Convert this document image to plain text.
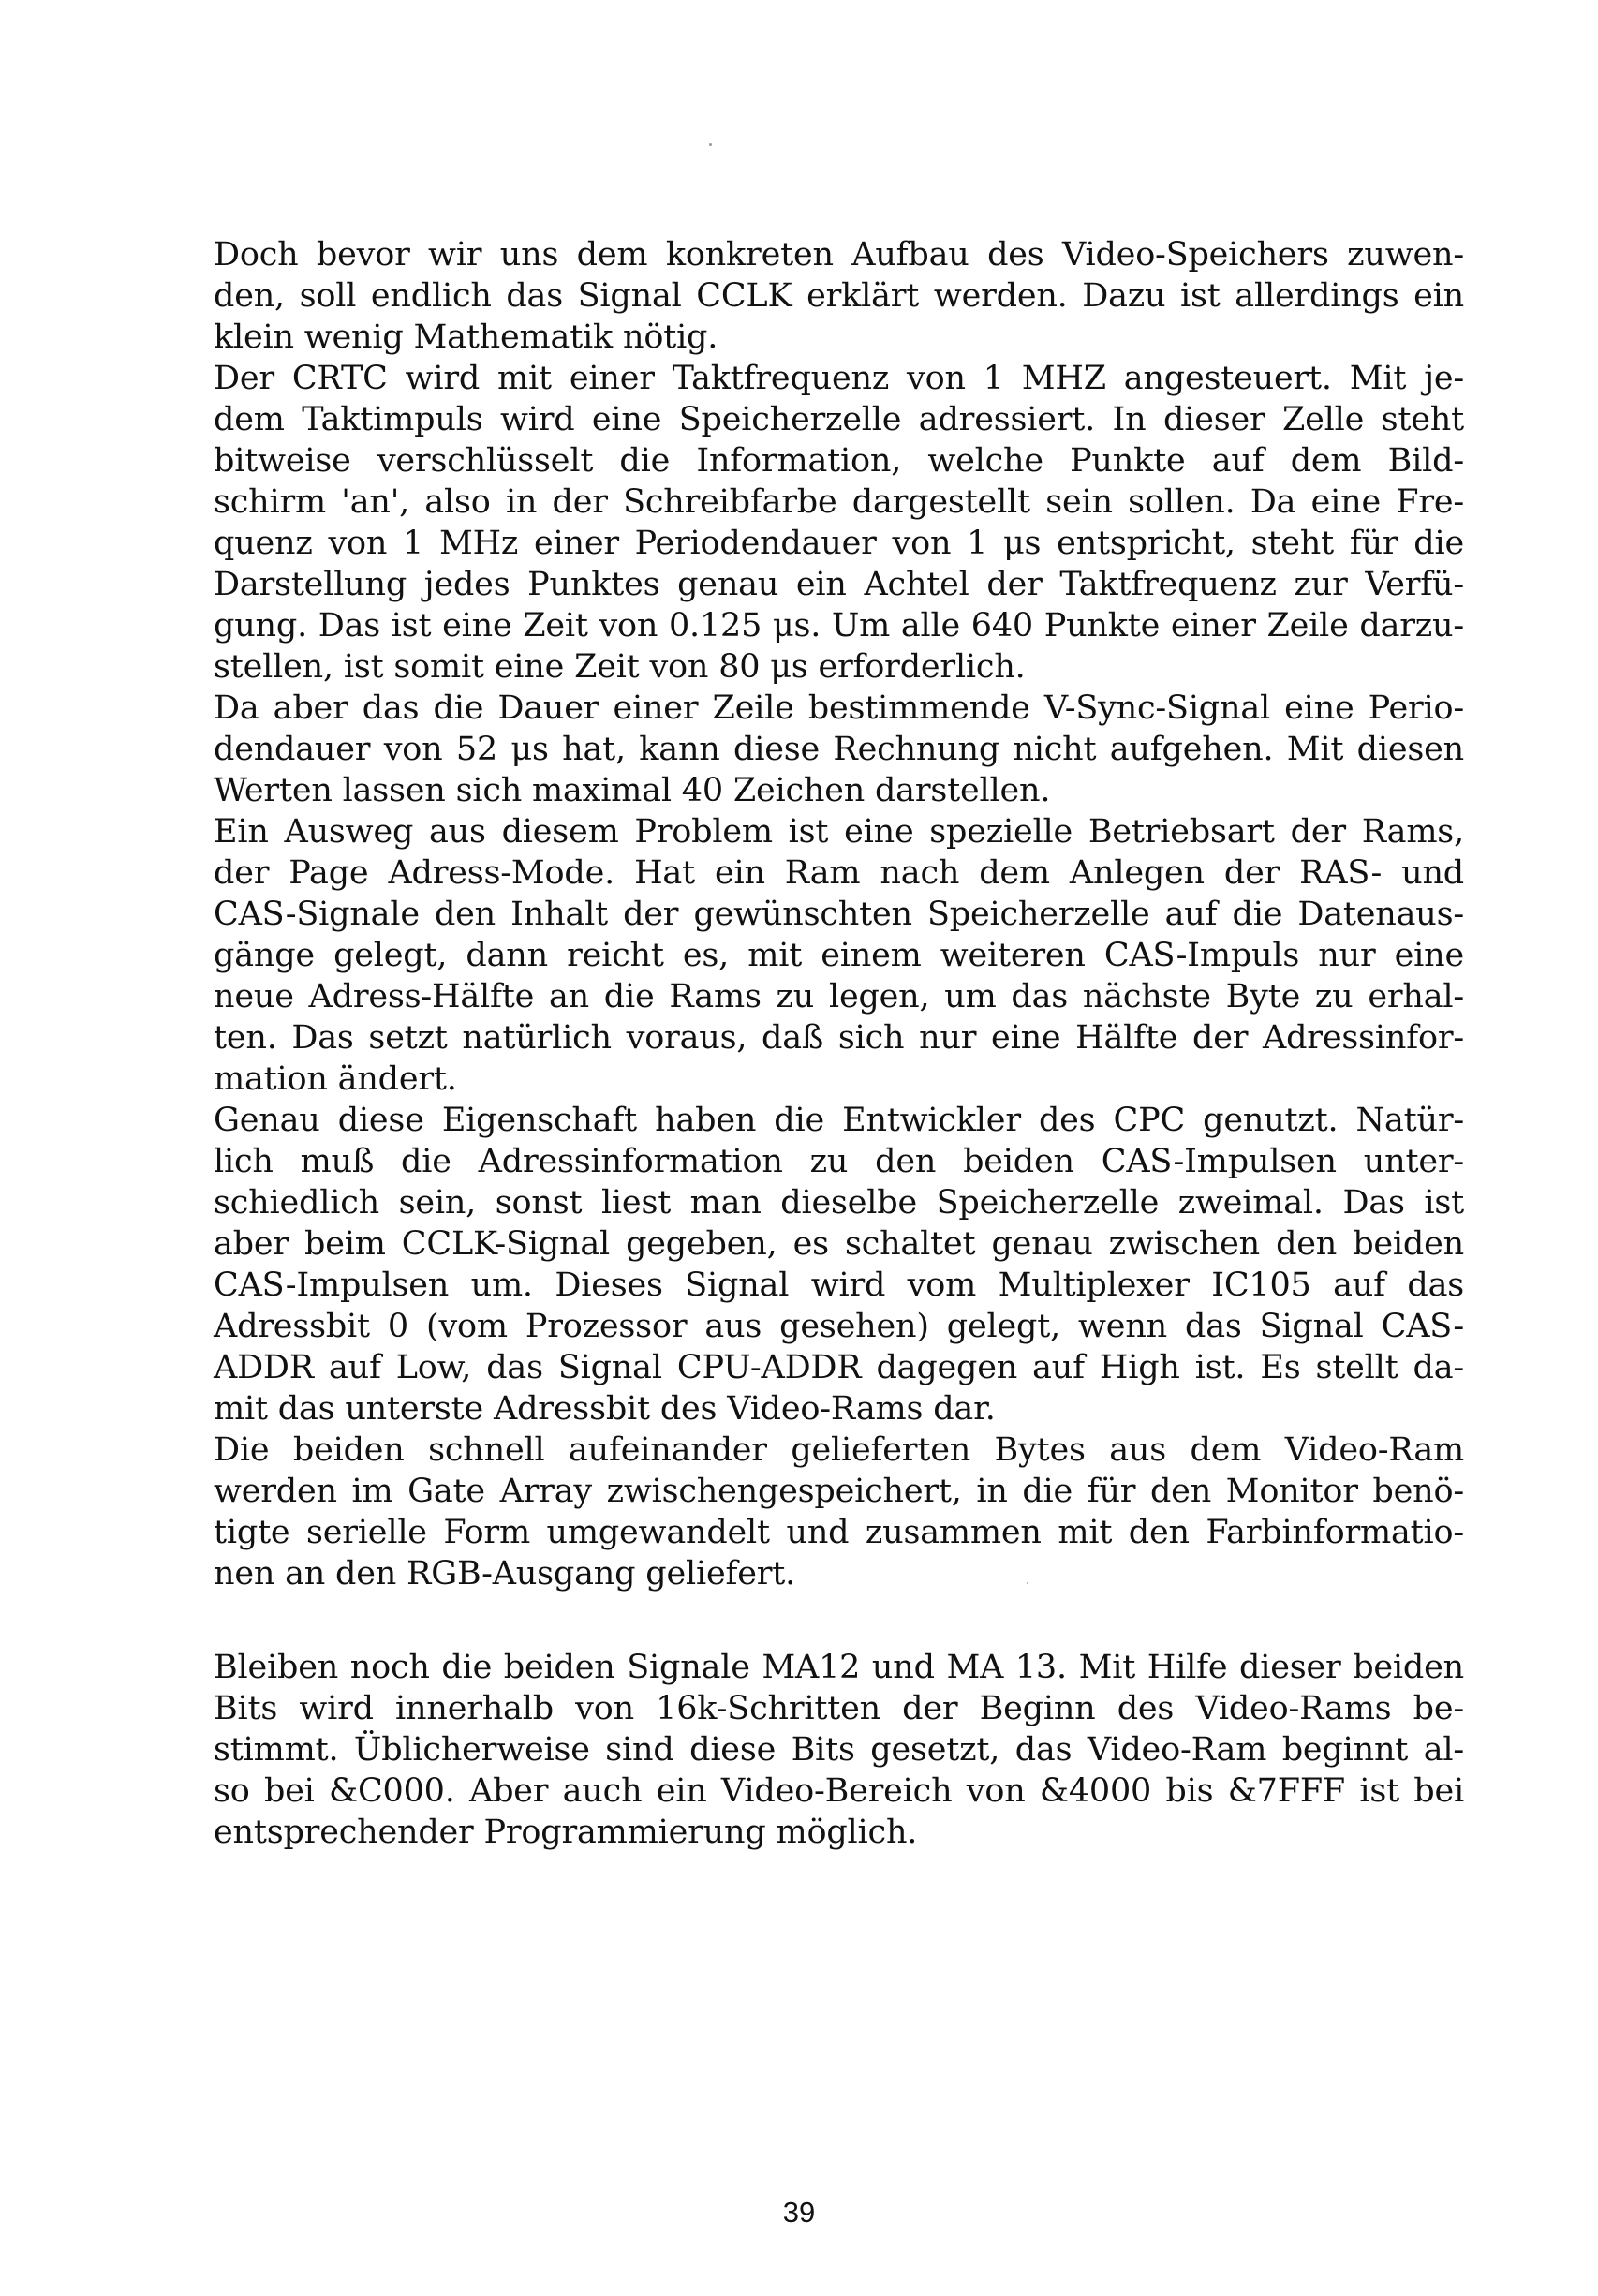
Doch bevor wir uns dem konkreten Aufbau des Video-Speichers zuwen-
den, soll endlich das Signal CCLK erklärt werden. Dazu ist allerdings ein
klein wenig Mathematik nötig.
Der CRTC wird mit einer Taktfrequenz von 1 MHZ angesteuert. Mit je-
dem Taktimpuls wird eine Speicherzelle adressiert. In dieser Zelle steht
bitweise verschlüsselt die Information, welche Punkte auf dem Bild-
schirm 'an', also in der Schreibfarbe dargestellt sein sollen. Da eine Fre-
quenz von 1 MHz einer Periodendauer von 1 μs entspricht, steht für die
Darstellung jedes Punktes genau ein Achtel der Taktfrequenz zur Verfü-
gung. Das ist eine Zeit von 0.125 μs. Um alle 640 Punkte einer Zeile darzu-
stellen, ist somit eine Zeit von 80 μs erforderlich.
Da aber das die Dauer einer Zeile bestimmende V-Sync-Signal eine Perio-
dendauer von 52 μs hat, kann diese Rechnung nicht aufgehen. Mit diesen
Werten lassen sich maximal 40 Zeichen darstellen.
Ein Ausweg aus diesem Problem ist eine spezielle Betriebsart der Rams,
der Page Adress-Mode. Hat ein Ram nach dem Anlegen der RAS- und
CAS-Signale den Inhalt der gewünschten Speicherzelle auf die Datenaus-
gänge gelegt, dann reicht es, mit einem weiteren CAS-Impuls nur eine
neue Adress-Hälfte an die Rams zu legen, um das nächste Byte zu erhal-
ten. Das setzt natürlich voraus, daß sich nur eine Hälfte der Adressinfor-
mation ändert.
Genau diese Eigenschaft haben die Entwickler des CPC genutzt. Natür-
lich muß die Adressinformation zu den beiden CAS-Impulsen unter-
schiedlich sein, sonst liest man dieselbe Speicherzelle zweimal. Das ist
aber beim CCLK-Signal gegeben, es schaltet genau zwischen den beiden
CAS-Impulsen um. Dieses Signal wird vom Multiplexer IC105 auf das
Adressbit 0 (vom Prozessor aus gesehen) gelegt, wenn das Signal CAS-
ADDR auf Low, das Signal CPU-ADDR dagegen auf High ist. Es stellt da-
mit das unterste Adressbit des Video-Rams dar.
Die beiden schnell aufeinander gelieferten Bytes aus dem Video-Ram
werden im Gate Array zwischengespeichert, in die für den Monitor benö-
tigte serielle Form umgewandelt und zusammen mit den Farbinformatio-
nen an den RGB-Ausgang geliefert.
Bleiben noch die beiden Signale MA12 und MA 13. Mit Hilfe dieser beiden
Bits wird innerhalb von 16k-Schritten der Beginn des Video-Rams be-
stimmt. Üblicherweise sind diese Bits gesetzt, das Video-Ram beginnt al-
so bei &C000. Aber auch ein Video-Bereich von &4000 bis &7FFF ist bei
entsprechender Programmierung möglich.
39
